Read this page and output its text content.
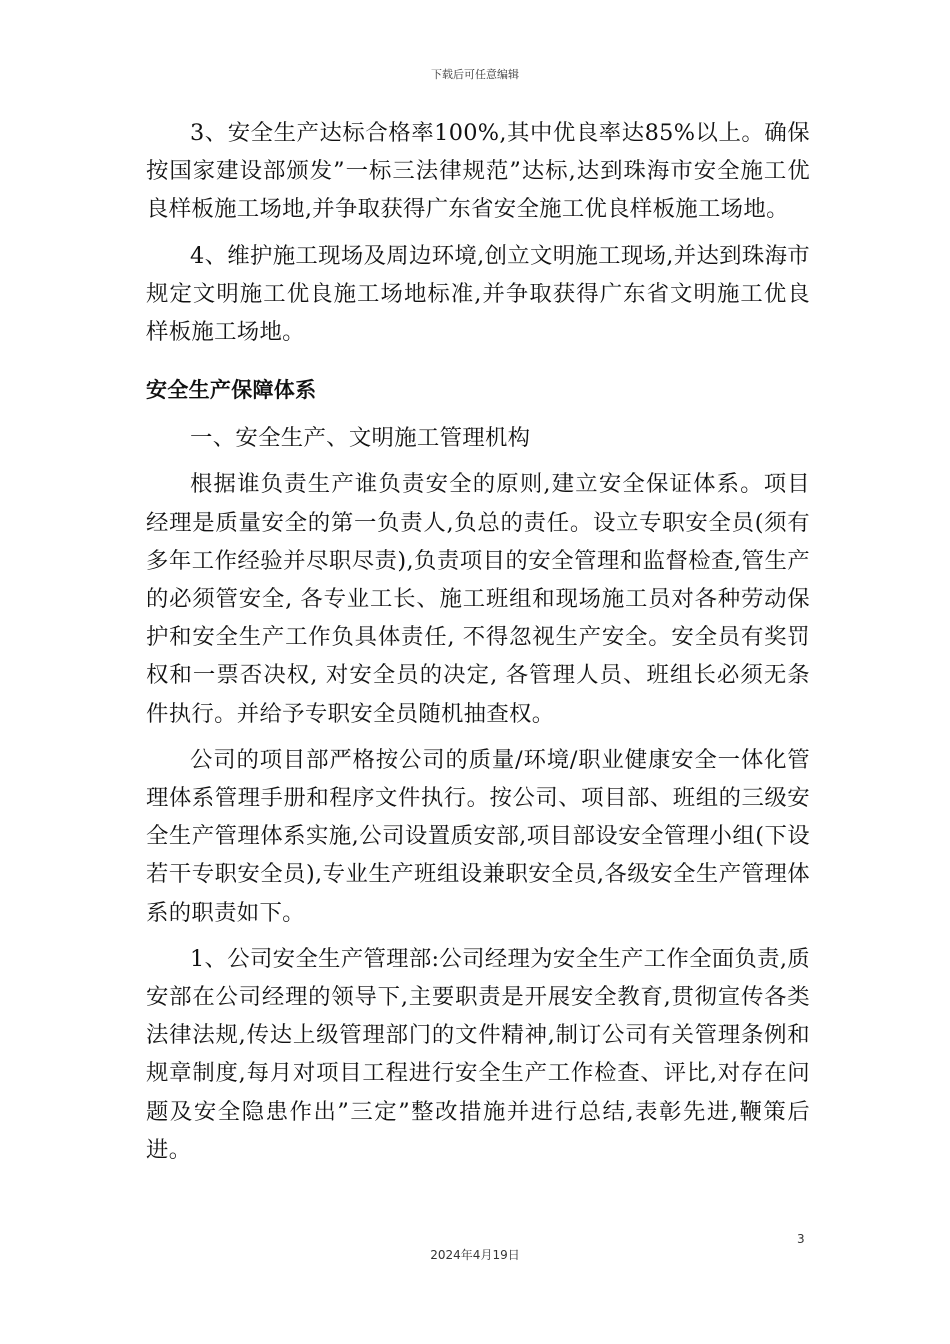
下载后可任意编辑

3、安全生产达标合格率100%,其中优良率达85%以上。确保按国家建设部颁发”一标三法律规范”达标,达到珠海市安全施工优良样板施工场地,并争取获得广东省安全施工优良样板施工场地。

4、维护施工现场及周边环境,创立文明施工现场,并达到珠海市规定文明施工优良施工场地标准,并争取获得广东省文明施工优良样板施工场地。

安全生产保障体系

一、安全生产、文明施工管理机构

根据谁负责生产谁负责安全的原则,建立安全保证体系。项目经理是质量安全的第一负责人,负总的责任。设立专职安全员(须有多年工作经验并尽职尽责),负责项目的安全管理和监督检查,管生产的必须管安全, 各专业工长、施工班组和现场施工员对各种劳动保护和安全生产工作负具体责任, 不得忽视生产安全。安全员有奖罚权和一票否决权, 对安全员的决定, 各管理人员、班组长必须无条件执行。并给予专职安全员随机抽查权。

公司的项目部严格按公司的质量/环境/职业健康安全一体化管理体系管理手册和程序文件执行。按公司、项目部、班组的三级安全生产管理体系实施,公司设置质安部,项目部设安全管理小组(下设若干专职安全员),专业生产班组设兼职安全员,各级安全生产管理体系的职责如下。

1、公司安全生产管理部:公司经理为安全生产工作全面负责,质安部在公司经理的领导下,主要职责是开展安全教育,贯彻宣传各类法律法规,传达上级管理部门的文件精神,制订公司有关管理条例和规章制度,每月对项目工程进行安全生产工作检查、评比,对存在问题及安全隐患作出”三定”整改措施并进行总结,表彰先进,鞭策后进。

3
2024年4月19日
